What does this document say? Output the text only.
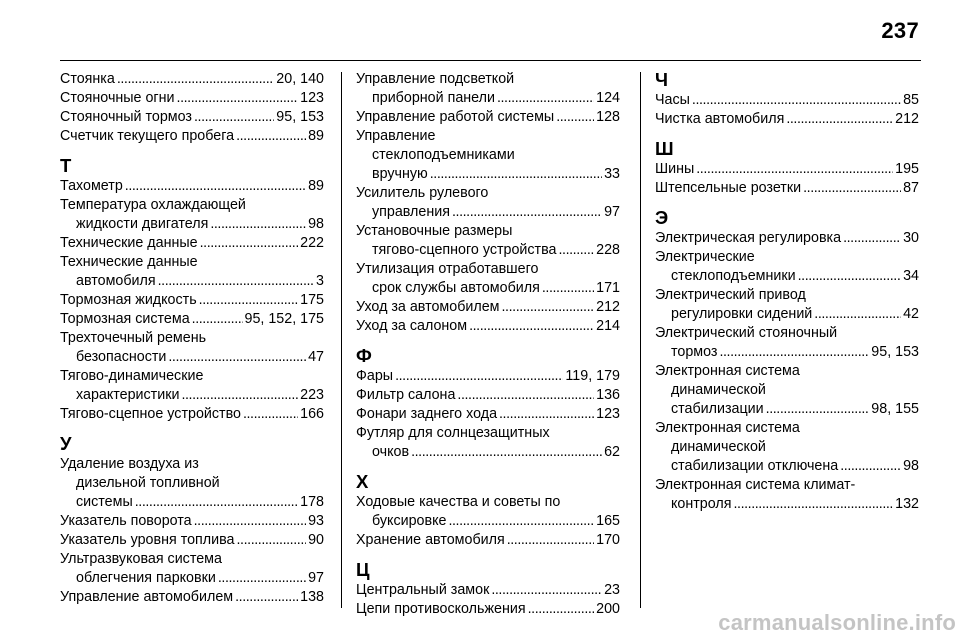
237
Стоянка . . .	20, 140
Стояночные огни . . .	123
Стояночный тормоз . . .	95, 153
Счетчик текущего пробега . . .	89
Т
Тахометр . . .	89
Температура охлаждающей
жидкости двигателя . . .	98
Технические данные . . .	222
Технические данные
автомобиля . . .	3
Тормозная жидкость . . .	175
Тормозная система . . .	95, 152, 175
Трехточечный ремень
безопасности . . .	47
Тягово-динамические
характеристики . . .	223
Тягово-сцепное устройство . . .	166
У
Удаление воздуха из
дизельной топливной
системы . . .	178
Указатель поворота . . .	93
Указатель уровня топлива . . .	90
Ультразвуковая система
облегчения парковки . . .	97
Управление автомобилем . . .	138
Управление подсветкой
приборной панели . . .	124
Управление работой системы . . .	128
Управление
стеклоподъемниками
вручную . . .	33
Усилитель рулевого
управления . . .	97
Установочные размеры
тягово-сцепного устройства . . .	228
Утилизация отработавшего
срок службы автомобиля . . .	171
Уход за автомобилем . . .	212
Уход за салоном . . .	214
Ф
Фары . . .	119, 179
Фильтр салона . . .	136
Фонари заднего хода . . .	123
Футляр для солнцезащитных
очков . . .	62
Х
Ходовые качества и советы по
буксировке . . .	165
Хранение автомобиля . . .	170
Ц
Центральный замок . . .	23
Цепи противоскольжения . . .	200
Ч
Часы . . .	85
Чистка автомобиля . . .	212
Ш
Шины . . .	195
Штепсельные розетки . . .	87
Э
Электрическая регулировка . . .	30
Электрические
стеклоподъемники . . .	34
Электрический привод
регулировки сидений . . .	42
Электрический стояночный
тормоз . . .	95, 153
Электронная система
динамической
стабилизации . . .	98, 155
Электронная система
динамической
стабилизации отключена . . .	98
Электронная система климат-
контроля . . .	132
carmanualsonline.info
